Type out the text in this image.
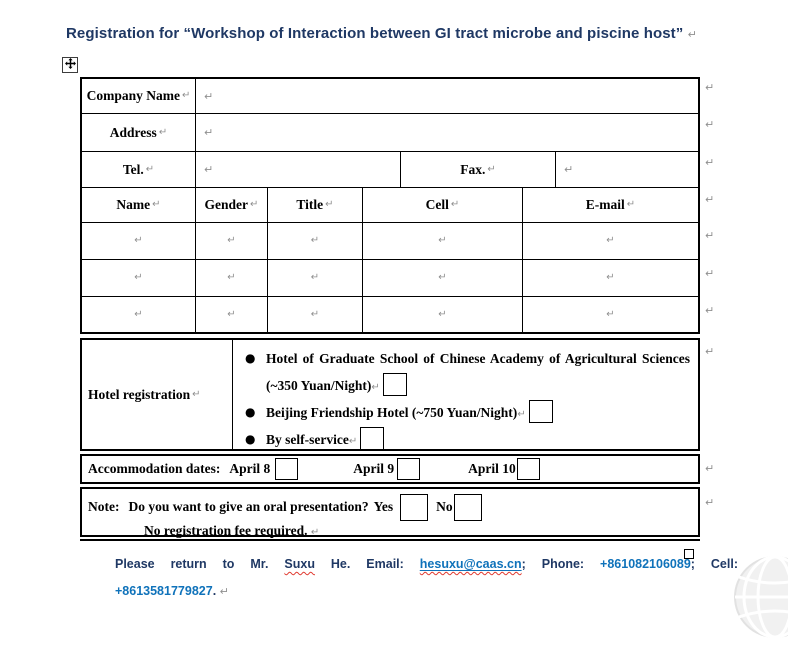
Registration for “Workshop of Interaction between GI tract microbe and piscine host” ↵
Company Name ↵ ↵
Address ↵	↵
Tel. ↵	↵	Fax. ↵	↵
Name ↵	Gender ↵	Title ↵	Cell ↵	E-mail ↵
↵	↵	↵	↵	↵
↵	↵	↵	↵	↵
↵	↵	↵	↵	↵
Hotel registration ↵
● Hotel of Graduate School of Chinese Academy of Agricultural Sciences (~350 Yuan/Night)↵
● Beijing Friendship Hotel (~750 Yuan/Night)↵
● By self-service↵
Accommodation dates: April 8	April 9	April 10
Note: Do you want to give an oral presentation? Yes	No
No registration fee required. ↵
↵
↵
↵
↵
↵
↵
↵
↵
↵
↵
Please return to Mr. Suxu He. Email: hesuxu@caas.cn; Phone: +861082106089; Cell:
+8613581779827. ↵
